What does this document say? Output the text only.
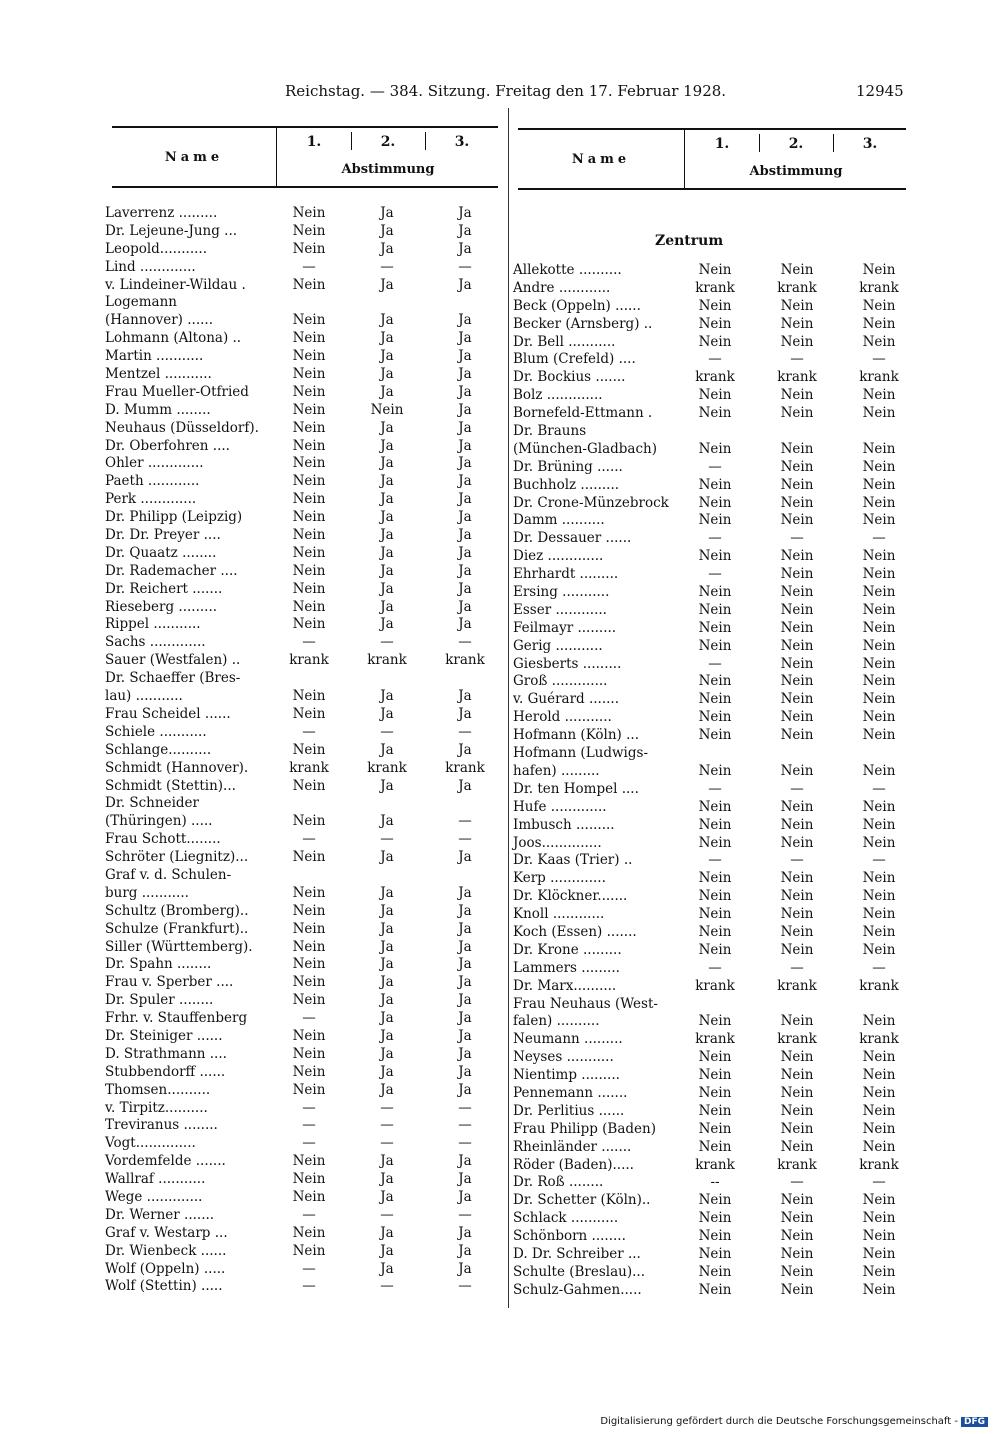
Reichstag. — 384. Sitzung. Freitag den 17. Februar 1928.	12945
Name
1.	2.	3.
Abstimmung
Name
1.	2.	3.
Abstimmung
Zentrum
Laverrenz .........	Nein	Ja	Ja
Dr. Lejeune-Jung ...	Nein	Ja	Ja
Leopold...........	Nein	Ja	Ja
Lind .............	—	—	—
v. Lindeiner-Wildau .	Nein	Ja	Ja
Logemann
(Hannover) ......	Nein	Ja	Ja
Lohmann (Altona) ..	Nein	Ja	Ja
Martin ...........	Nein	Ja	Ja
Mentzel ...........	Nein	Ja	Ja
Frau Mueller-Otfried	Nein	Ja	Ja
D. Mumm ........	Nein	Nein	Ja
Neuhaus (Düsseldorf).	Nein	Ja	Ja
Dr. Oberfohren ....	Nein	Ja	Ja
Ohler .............	Nein	Ja	Ja
Paeth ............	Nein	Ja	Ja
Perk .............	Nein	Ja	Ja
Dr. Philipp (Leipzig)	Nein	Ja	Ja
Dr. Dr. Preyer ....	Nein	Ja	Ja
Dr. Quaatz ........	Nein	Ja	Ja
Dr. Rademacher ....	Nein	Ja	Ja
Dr. Reichert .......	Nein	Ja	Ja
Rieseberg .........	Nein	Ja	Ja
Rippel ...........	Nein	Ja	Ja
Sachs .............	—	—	—
Sauer (Westfalen) ..	krank	krank	krank
Dr. Schaeffer (Bres-
lau) ...........	Nein	Ja	Ja
Frau Scheidel ......	Nein	Ja	Ja
Schiele ...........	—	—	—
Schlange..........	Nein	Ja	Ja
Schmidt (Hannover).	krank	krank	krank
Schmidt (Stettin)...	Nein	Ja	Ja
Dr. Schneider
(Thüringen) .....	Nein	Ja	—
Frau Schott........	—	—	—
Schröter (Liegnitz)...	Nein	Ja	Ja
Graf v. d. Schulen-
burg ...........	Nein	Ja	Ja
Schultz (Bromberg)..	Nein	Ja	Ja
Schulze (Frankfurt)..	Nein	Ja	Ja
Siller (Württemberg).	Nein	Ja	Ja
Dr. Spahn ........	Nein	Ja	Ja
Frau v. Sperber ....	Nein	Ja	Ja
Dr. Spuler ........	Nein	Ja	Ja
Frhr. v. Stauffenberg	—	Ja	Ja
Dr. Steiniger ......	Nein	Ja	Ja
D. Strathmann ....	Nein	Ja	Ja
Stubbendorff ......	Nein	Ja	Ja
Thomsen..........	Nein	Ja	Ja
v. Tirpitz..........	—	—	—
Treviranus ........	—	—	—
Vogt..............	—	—	—
Vordemfelde .......	Nein	Ja	Ja
Wallraf ...........	Nein	Ja	Ja
Wege .............	Nein	Ja	Ja
Dr. Werner .......	—	—	—
Graf v. Westarp ...	Nein	Ja	Ja
Dr. Wienbeck ......	Nein	Ja	Ja
Wolf (Oppeln) .....	—	Ja	Ja
Wolf (Stettin) .....	—	—	—
Allekotte ..........	Nein	Nein	Nein
Andre ............	krank	krank	krank
Beck (Oppeln) ......	Nein	Nein	Nein
Becker (Arnsberg) ..	Nein	Nein	Nein
Dr. Bell ...........	Nein	Nein	Nein
Blum (Crefeld) ....	—	—	—
Dr. Bockius .......	krank	krank	krank
Bolz .............	Nein	Nein	Nein
Bornefeld-Ettmann .	Nein	Nein	Nein
Dr. Brauns
(München-Gladbach)	Nein	Nein	Nein
Dr. Brüning ......	—	Nein	Nein
Buchholz .........	Nein	Nein	Nein
Dr. Crone-Münzebrock	Nein	Nein	Nein
Damm ..........	Nein	Nein	Nein
Dr. Dessauer ......	—	—	—
Diez .............	Nein	Nein	Nein
Ehrhardt .........	—	Nein	Nein
Ersing ...........	Nein	Nein	Nein
Esser ............	Nein	Nein	Nein
Feilmayr .........	Nein	Nein	Nein
Gerig ...........	Nein	Nein	Nein
Giesberts .........	—	Nein	Nein
Groß .............	Nein	Nein	Nein
v. Guérard .......	Nein	Nein	Nein
Herold ...........	Nein	Nein	Nein
Hofmann (Köln) ...	Nein	Nein	Nein
Hofmann (Ludwigs-
hafen) .........	Nein	Nein	Nein
Dr. ten Hompel ....	—	—	—
Hufe .............	Nein	Nein	Nein
Imbusch .........	Nein	Nein	Nein
Joos..............	Nein	Nein	Nein
Dr. Kaas (Trier) ..	—	—	—
Kerp .............	Nein	Nein	Nein
Dr. Klöckner.......	Nein	Nein	Nein
Knoll ............	Nein	Nein	Nein
Koch (Essen) .......	Nein	Nein	Nein
Dr. Krone .........	Nein	Nein	Nein
Lammers .........	—	—	—
Dr. Marx..........	krank	krank	krank
Frau Neuhaus (West-
falen) ..........	Nein	Nein	Nein
Neumann .........	krank	krank	krank
Neyses ...........	Nein	Nein	Nein
Nientimp .........	Nein	Nein	Nein
Pennemann .......	Nein	Nein	Nein
Dr. Perlitius ......	Nein	Nein	Nein
Frau Philipp (Baden)	Nein	Nein	Nein
Rheinländer .......	Nein	Nein	Nein
Röder (Baden).....	krank	krank	krank
Dr. Roß ........	--	—	—
Dr. Schetter (Köln)..	Nein	Nein	Nein
Schlack ...........	Nein	Nein	Nein
Schönborn ........	Nein	Nein	Nein
D. Dr. Schreiber ...	Nein	Nein	Nein
Schulte (Breslau)...	Nein	Nein	Nein
Schulz-Gahmen.....	Nein	Nein	Nein
Digitalisierung gefördert durch die Deutsche Forschungsgemeinschaft - DFG
